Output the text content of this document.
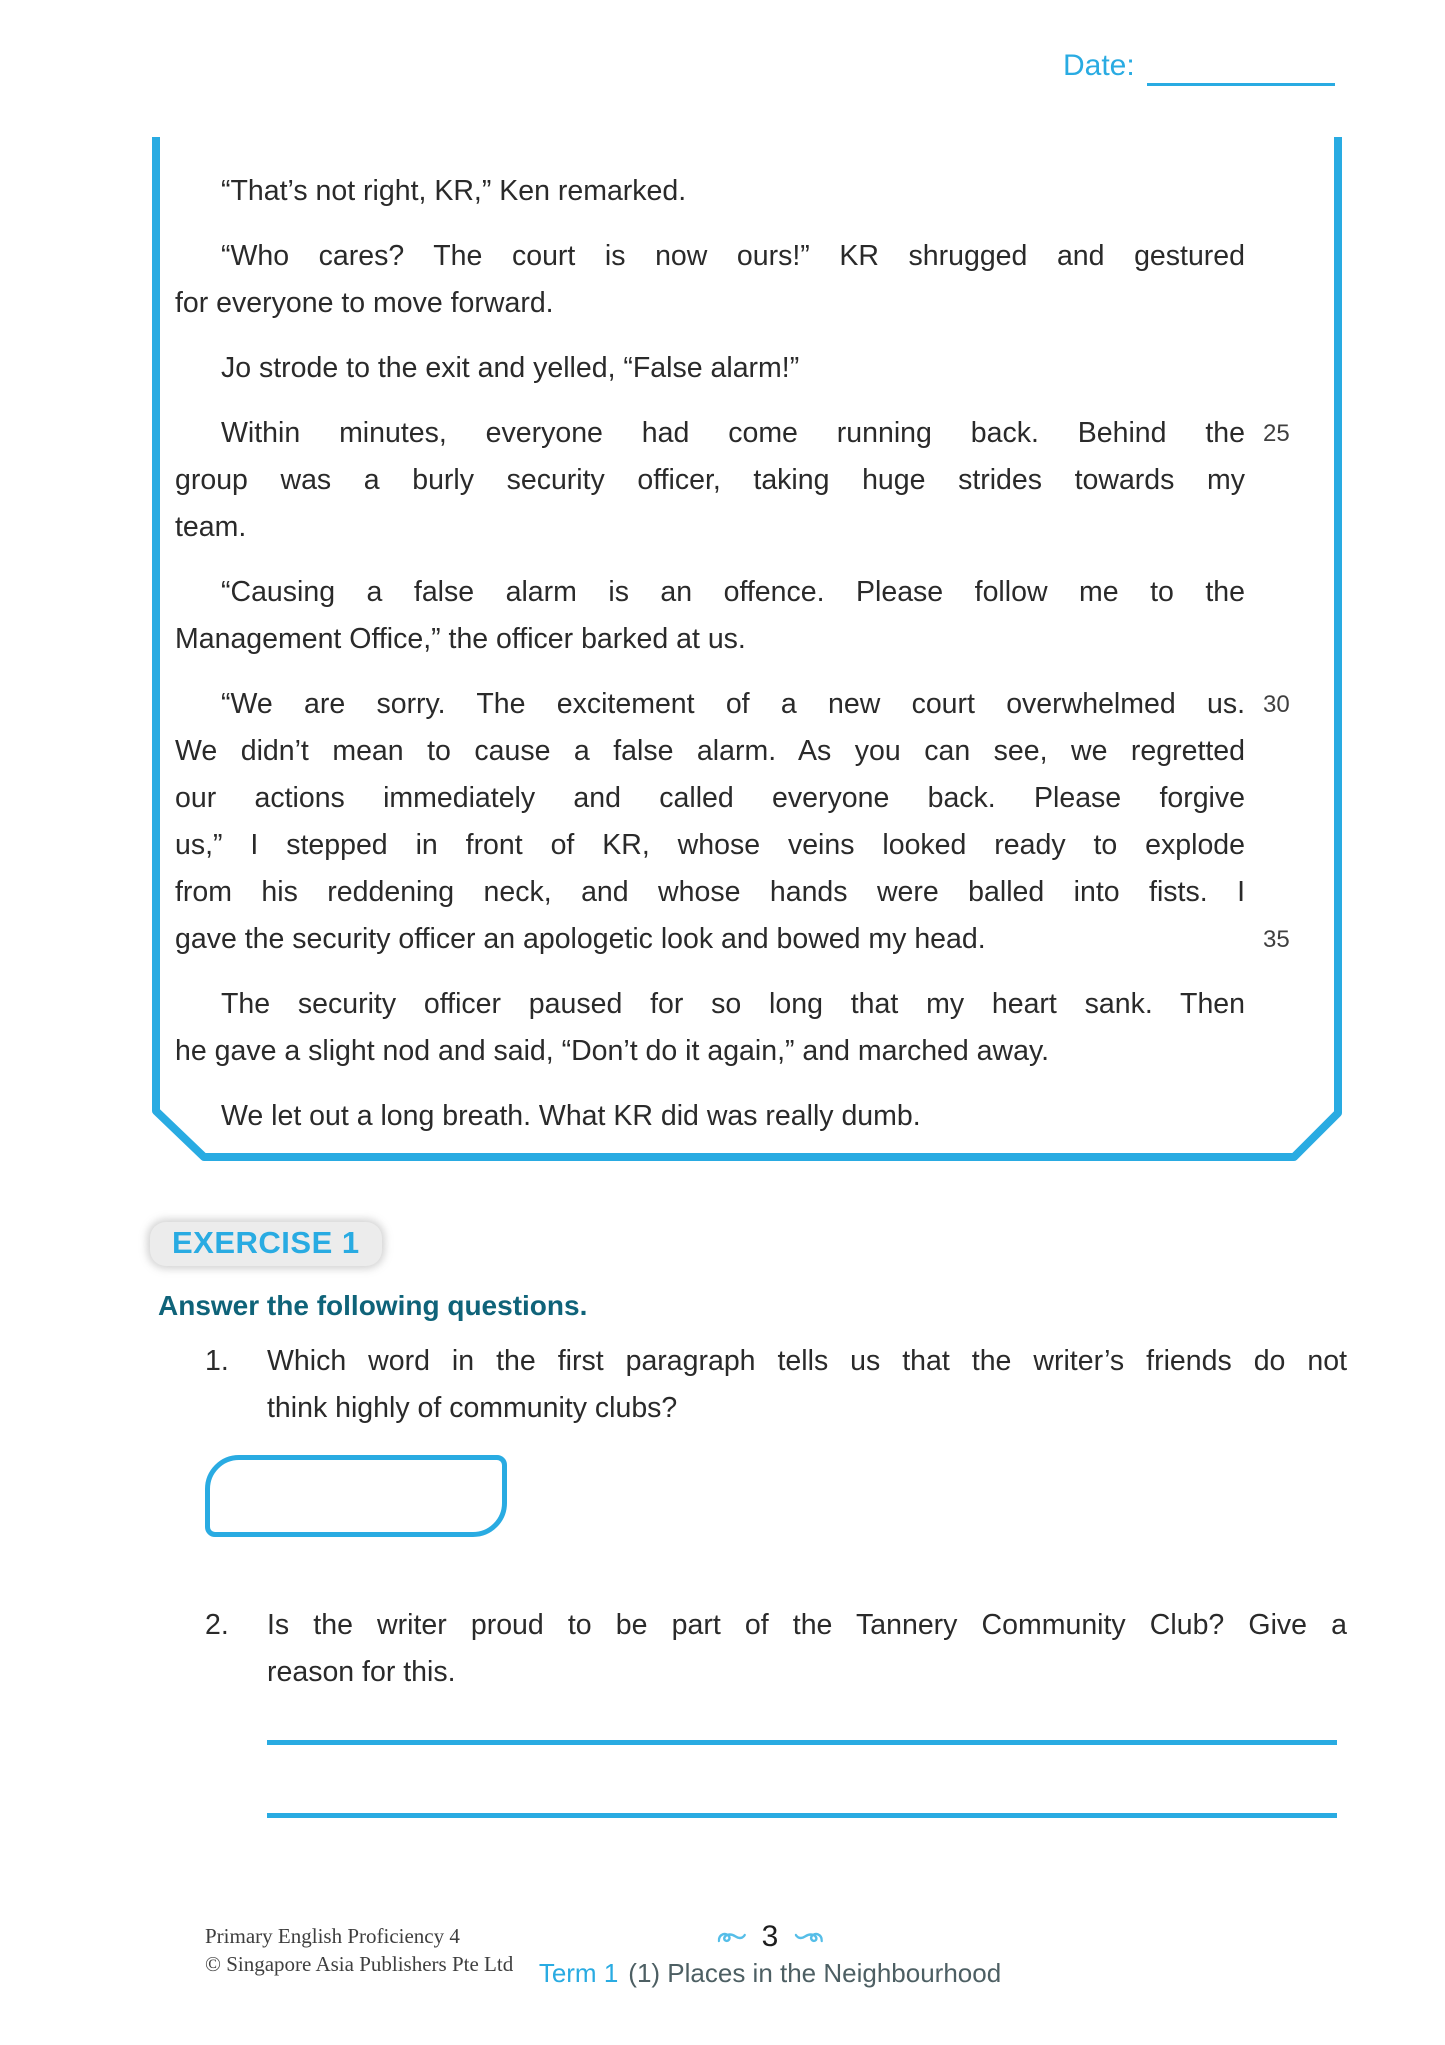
Date:
“That’s not right, KR,” Ken remarked.
“Who cares? The court is now ours!” KR shrugged and gestured
for everyone to move forward.
Jo strode to the exit and yelled, “False alarm!”
Within minutes, everyone had come running back. Behind the 25
group was a burly security officer, taking huge strides towards my
team.
“Causing a false alarm is an offence. Please follow me to the
Management Office,” the officer barked at us.
“We are sorry. The excitement of a new court overwhelmed us. 30
We didn’t mean to cause a false alarm. As you can see, we regretted
our actions immediately and called everyone back. Please forgive
us,” I stepped in front of KR, whose veins looked ready to explode
from his reddening neck, and whose hands were balled into fists. I
gave the security officer an apologetic look and bowed my head.	35
The security officer paused for so long that my heart sank. Then
he gave a slight nod and said, “Don’t do it again,” and marched away.
We let out a long breath. What KR did was really dumb.
EXERCISE 1
Answer the following questions.
1. Which word in the first paragraph tells us that the writer’s friends do not
think highly of community clubs?
2. Is the writer proud to be part of the Tannery Community Club? Give a
reason for this.
Primary English Proficiency 4
© Singapore Asia Publishers Pte Ltd
3
Term 1 (1) Places in the Neighbourhood
